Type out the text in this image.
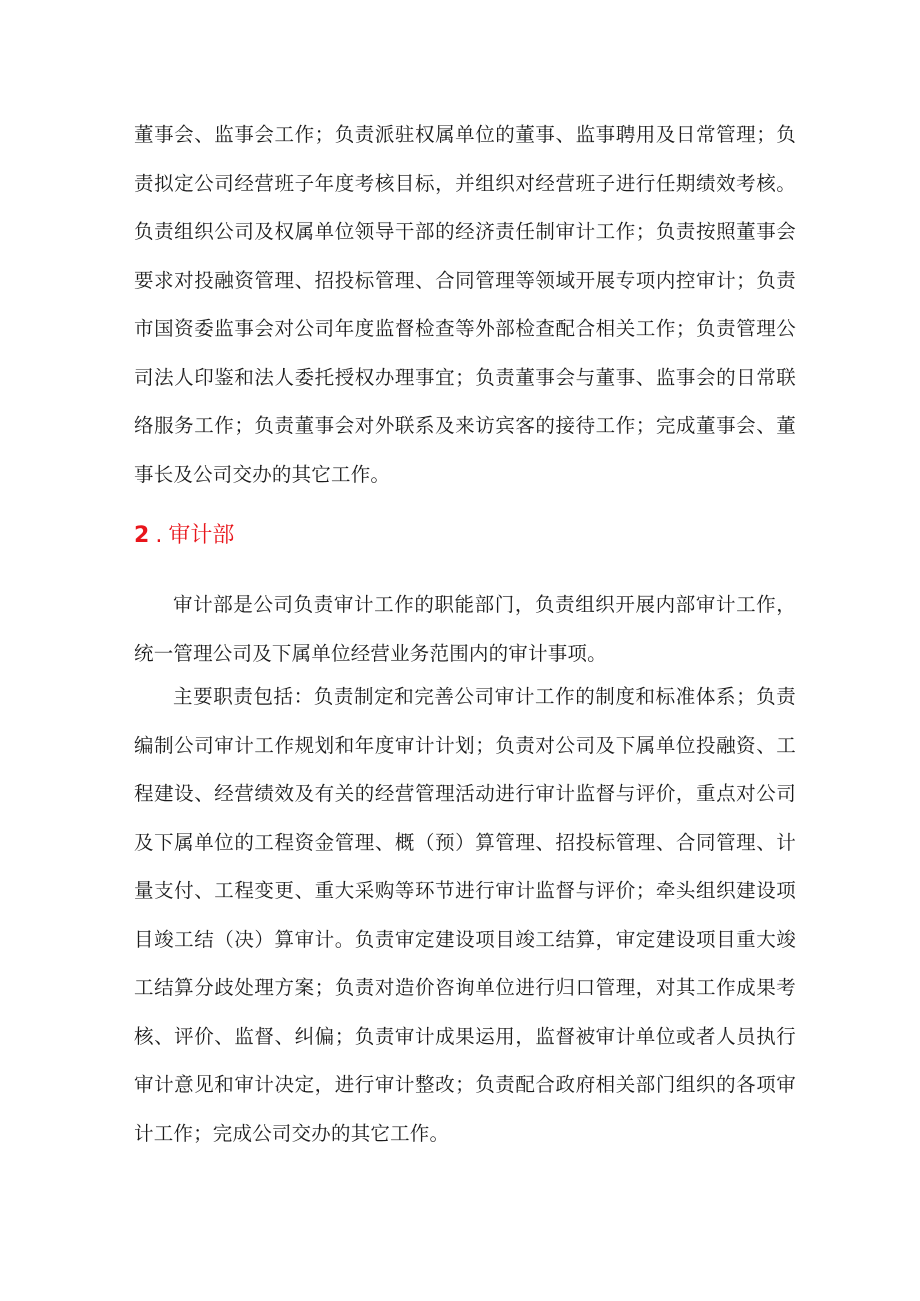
董事会、监事会工作；负责派驻权属单位的董事、监事聘用及日常管理；负责拟定公司经营班子年度考核目标，并组织对经营班子进行任期绩效考核。负责组织公司及权属单位领导干部的经济责任制审计工作；负责按照董事会要求对投融资管理、招投标管理、合同管理等领域开展专项内控审计；负责市国资委监事会对公司年度监督检查等外部检查配合相关工作；负责管理公司法人印鉴和法人委托授权办理事宜；负责董事会与董事、监事会的日常联络服务工作；负责董事会对外联系及来访宾客的接待工作；完成董事会、董事长及公司交办的其它工作。
2 . 审计部
审计部是公司负责审计工作的职能部门，负责组织开展内部审计工作，统一管理公司及下属单位经营业务范围内的审计事项。
主要职责包括：负责制定和完善公司审计工作的制度和标准体系；负责编制公司审计工作规划和年度审计计划；负责对公司及下属单位投融资、工程建设、经营绩效及有关的经营管理活动进行审计监督与评价，重点对公司及下属单位的工程资金管理、概（预）算管理、招投标管理、合同管理、计量支付、工程变更、重大采购等环节进行审计监督与评价；牵头组织建设项目竣工结（决）算审计。负责审定建设项目竣工结算，审定建设项目重大竣工结算分歧处理方案；负责对造价咨询单位进行归口管理，对其工作成果考核、评价、监督、纠偏；负责审计成果运用，监督被审计单位或者人员执行审计意见和审计决定，进行审计整改；负责配合政府相关部门组织的各项审计工作；完成公司交办的其它工作。
